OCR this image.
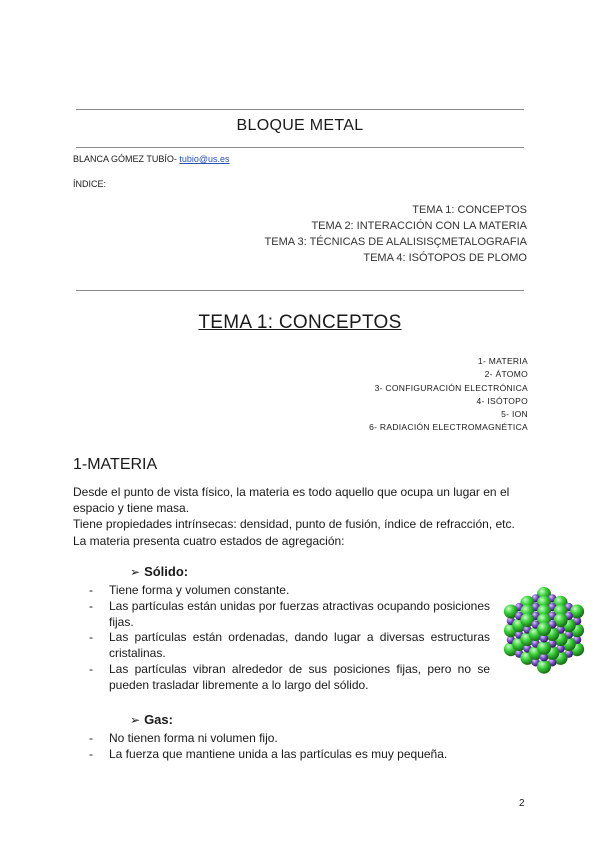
BLOQUE METAL
BLANCA GÓMEZ TUBÍO- tubio@us.es
ÍNDICE:
TEMA 1: CONCEPTOS
TEMA 2: INTERACCIÓN CON LA MATERIA
TEMA 3: TÉCNICAS DE ALALISISÇMETALOGRAFIA
TEMA 4: ISÓTOPOS DE PLOMO
TEMA 1: CONCEPTOS
1- MATERIA
2- ÁTOMO
3- CONFIGURACIÓN ELECTRÓNICA
4- ISÓTOPO
5- ION
6- RADIACIÓN ELECTROMAGNÉTICA
1-MATERIA

Desde el punto de vista físico, la materia es todo aquello que ocupa un lugar en el espacio y tiene masa.

Tiene propiedades intrínsecas: densidad, punto de fusión, índice de refracción, etc.

La materia presenta cuatro estados de agregación:

➢ Sólido:
- Tiene forma y volumen constante.
- Las partículas están unidas por fuerzas atractivas ocupando posiciones fijas.
- Las partículas están ordenadas, dando lugar a diversas estructuras cristalinas.
- Las partículas vibran alrededor de sus posiciones fijas, pero no se pueden trasladar libremente a lo largo del sólido.
➢ Gas:
- No tienen forma ni volumen fijo.
- La fuerza que mantiene unida a las partículas es muy pequeña.
2
